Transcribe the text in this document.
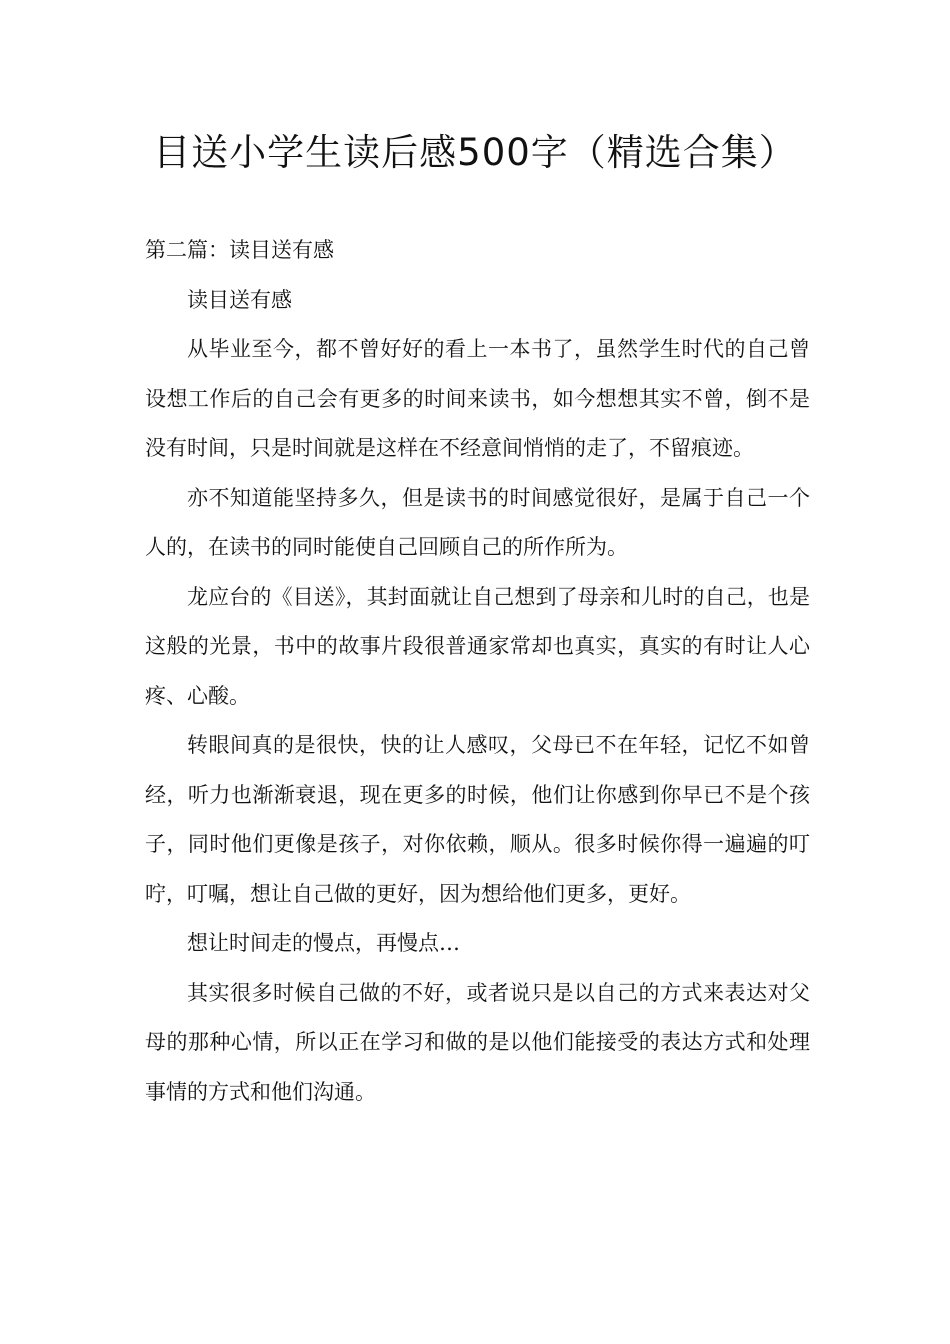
目送小学生读后感500字（精选合集）

第二篇：读目送有感

读目送有感

从毕业至今，都不曾好好的看上一本书了，虽然学生时代的自己曾设想工作后的自己会有更多的时间来读书，如今想想其实不曾，倒不是没有时间，只是时间就是这样在不经意间悄悄的走了，不留痕迹。

亦不知道能坚持多久，但是读书的时间感觉很好，是属于自己一个人的，在读书的同时能使自己回顾自己的所作所为。

龙应台的《目送》，其封面就让自己想到了母亲和儿时的自己，也是这般的光景，书中的故事片段很普通家常却也真实，真实的有时让人心疼、心酸。

转眼间真的是很快，快的让人感叹，父母已不在年轻，记忆不如曾经，听力也渐渐衰退，现在更多的时候，他们让你感到你早已不是个孩子，同时他们更像是孩子，对你依赖，顺从。很多时候你得一遍遍的叮咛，叮嘱，想让自己做的更好，因为想给他们更多，更好。

想让时间走的慢点，再慢点…

其实很多时候自己做的不好，或者说只是以自己的方式来表达对父母的那种心情，所以正在学习和做的是以他们能接受的表达方式和处理事情的方式和他们沟通。
